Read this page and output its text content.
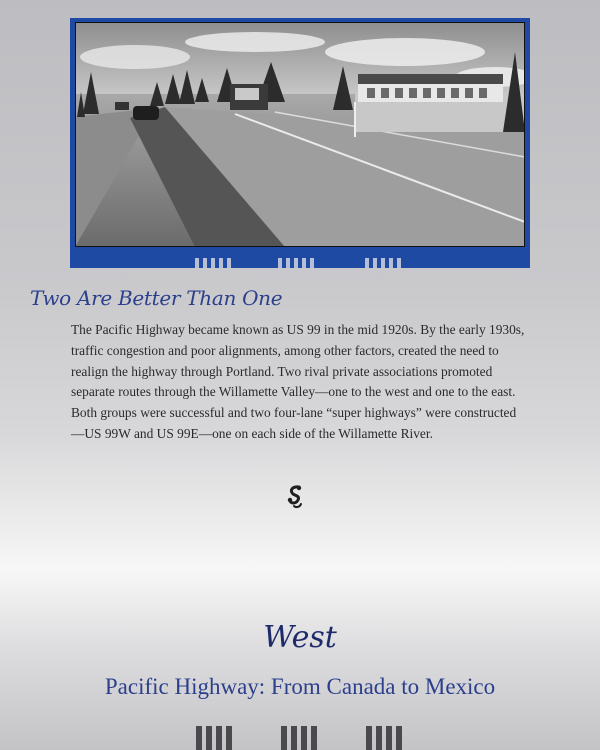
Two Are Better Than One

The Pacific Highway became known as US 99 in the mid 1920s. By the early 1930s, traffic congestion and poor alignments, among other factors, created the need to realign the highway through Portland. Two rival private associations promoted separate routes through the Willamette Valley—one to the west and one to the east. Both groups were successful and two four-lane “super highways” were constructed—US 99W and US 99E—one on each side of the Willamette River.

West

Pacific Highway: From Canada to Mexico
